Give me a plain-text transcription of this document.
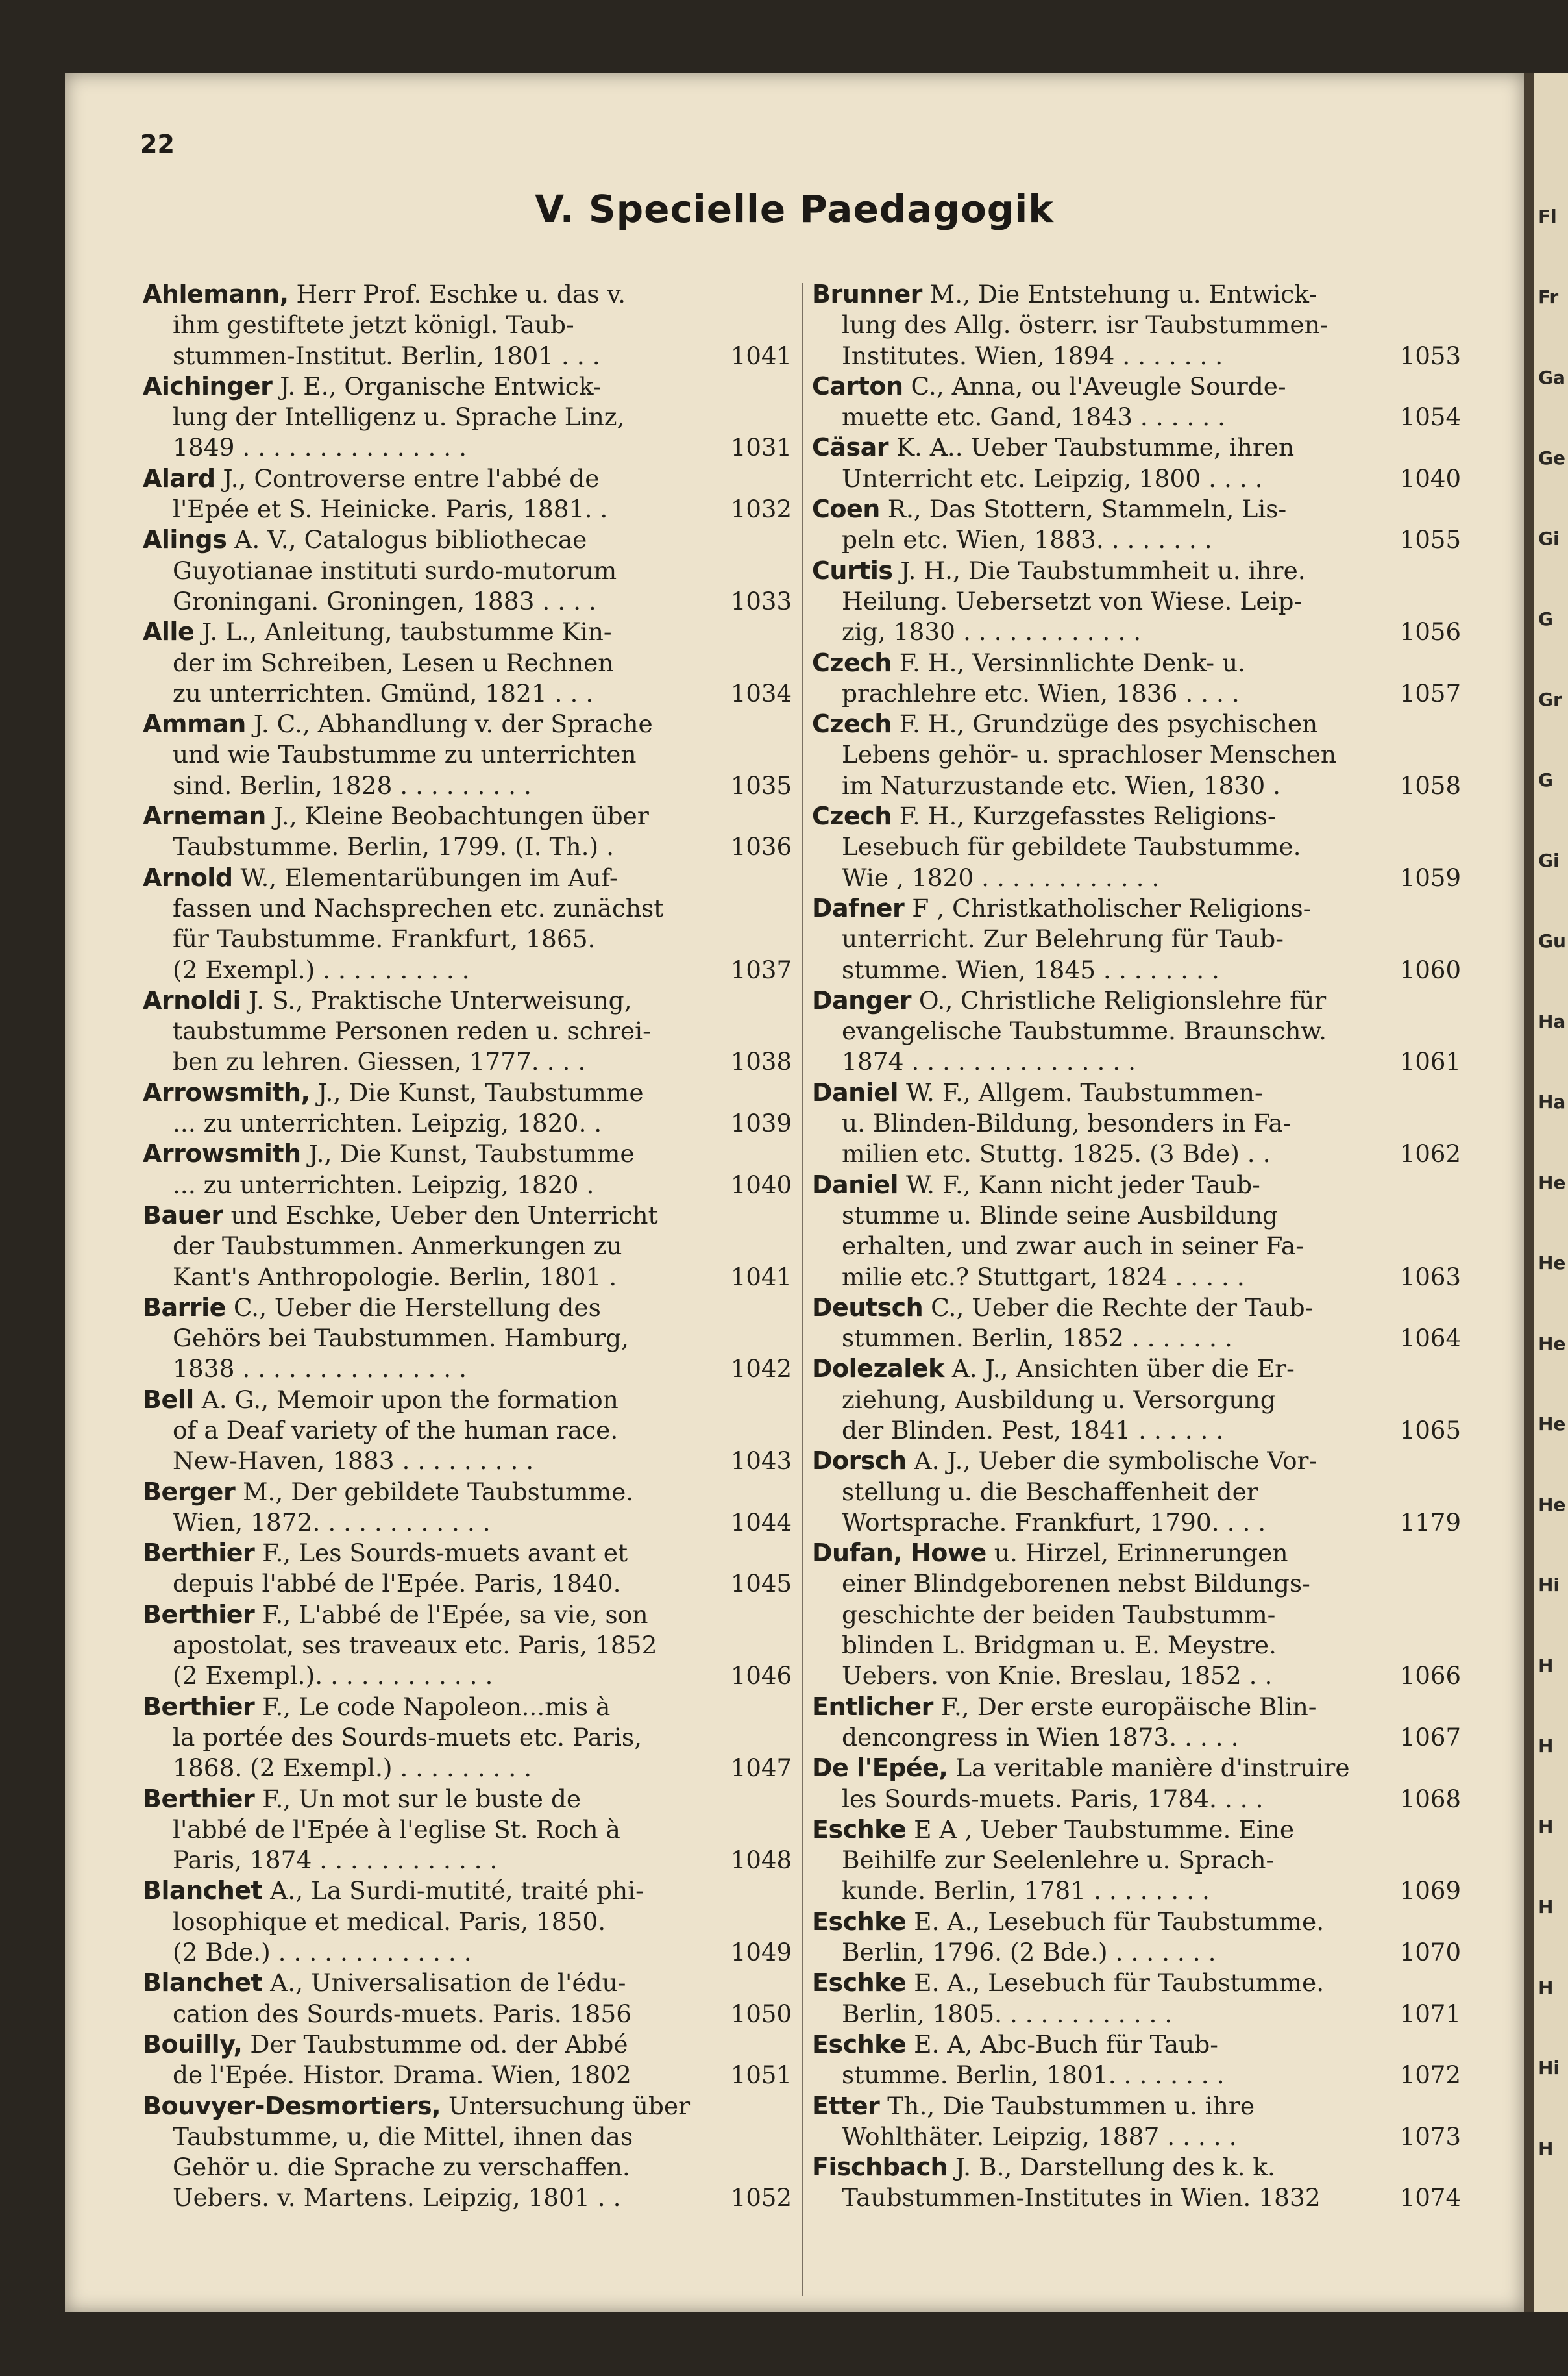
22
V. Specielle Paedagogik
Ahlemann, Herr Prof. Eschke u. das v.
ihm gestiftete jetzt königl. Taub-
stummen-Institut. Berlin, 1801 . . .	1041
Aichinger J. E., Organische Entwick-
lung der Intelligenz u. Sprache Linz,
1849 . . . . . . . . . . . . . . .	1031
Alard J., Controverse entre l'abbé de
l'Epée et S. Heinicke. Paris, 1881. .	1032
Alings A. V., Catalogus bibliothecae
Guyotianae instituti surdo-mutorum
Groningani. Groningen, 1883 . . . .	1033
Alle J. L., Anleitung, taubstumme Kin-
der im Schreiben, Lesen u Rechnen
zu unterrichten. Gmünd, 1821 . . .	1034
Amman J. C., Abhandlung v. der Sprache
und wie Taubstumme zu unterrichten
sind. Berlin, 1828 . . . . . . . . .	1035
Arneman J., Kleine Beobachtungen über
Taubstumme. Berlin, 1799. (I. Th.) .	1036
Arnold W., Elementarübungen im Auf-
fassen und Nachsprechen etc. zunächst
für Taubstumme. Frankfurt, 1865.
(2 Exempl.) . . . . . . . . . .	1037
Arnoldi J. S., Praktische Unterweisung,
taubstumme Personen reden u. schrei-
ben zu lehren. Giessen, 1777. . . .	1038
Arrowsmith, J., Die Kunst, Taubstumme
... zu unterrichten. Leipzig, 1820. .	1039
Arrowsmith J., Die Kunst, Taubstumme
... zu unterrichten. Leipzig, 1820 .	1040
Bauer und Eschke, Ueber den Unterricht
der Taubstummen. Anmerkungen zu
Kant's Anthropologie. Berlin, 1801 .	1041
Barrie C., Ueber die Herstellung des
Gehörs bei Taubstummen. Hamburg,
1838 . . . . . . . . . . . . . . .	1042
Bell A. G., Memoir upon the formation
of a Deaf variety of the human race.
New-Haven, 1883 . . . . . . . . .	1043
Berger M., Der gebildete Taubstumme.
Wien, 1872. . . . . . . . . . . .	1044
Berthier F., Les Sourds-muets avant et
depuis l'abbé de l'Epée. Paris, 1840.	1045
Berthier F., L'abbé de l'Epée, sa vie, son
apostolat, ses traveaux etc. Paris, 1852
(2 Exempl.). . . . . . . . . . . .	1046
Berthier F., Le code Napoleon...mis à
la portée des Sourds-muets etc. Paris,
1868. (2 Exempl.) . . . . . . . . .	1047
Berthier F., Un mot sur le buste de
l'abbé de l'Epée à l'eglise St. Roch à
Paris, 1874 . . . . . . . . . . . .	1048
Blanchet A., La Surdi-mutité, traité phi-
losophique et medical. Paris, 1850.
(2 Bde.) . . . . . . . . . . . . .	1049
Blanchet A., Universalisation de l'édu-
cation des Sourds-muets. Paris. 1856	1050
Bouilly, Der Taubstumme od. der Abbé
de l'Epée. Histor. Drama. Wien, 1802	1051
Bouvyer-Desmortiers, Untersuchung über
Taubstumme, u, die Mittel, ihnen das
Gehör u. die Sprache zu verschaffen.
Uebers. v. Martens. Leipzig, 1801 . .	1052
Brunner M., Die Entstehung u. Entwick-
lung des Allg. österr. isr Taubstummen-
Institutes. Wien, 1894 . . . . . . .	1053
Carton C., Anna, ou l'Aveugle Sourde-
muette etc. Gand, 1843 . . . . . .	1054
Cäsar K. A.. Ueber Taubstumme, ihren
Unterricht etc. Leipzig, 1800 . . . .	1040
Coen R., Das Stottern, Stammeln, Lis-
peln etc. Wien, 1883. . . . . . . .	1055
Curtis J. H., Die Taubstummheit u. ihre.
Heilung. Uebersetzt von Wiese. Leip-
zig, 1830 . . . . . . . . . . . .	1056
Czech F. H., Versinnlichte Denk- u.
prachlehre etc. Wien, 1836 . . . .	1057
Czech F. H., Grundzüge des psychischen
Lebens gehör- u. sprachloser Menschen
im Naturzustande etc. Wien, 1830 .	1058
Czech F. H., Kurzgefasstes Religions-
Lesebuch für gebildete Taubstumme.
Wie , 1820 . . . . . . . . . . . .	1059
Dafner F , Christkatholischer Religions-
unterricht. Zur Belehrung für Taub-
stumme. Wien, 1845 . . . . . . . .	1060
Danger O., Christliche Religionslehre für
evangelische Taubstumme. Braunschw.
1874 . . . . . . . . . . . . . . .	1061
Daniel W. F., Allgem. Taubstummen-
u. Blinden-Bildung, besonders in Fa-
milien etc. Stuttg. 1825. (3 Bde) . .	1062
Daniel W. F., Kann nicht jeder Taub-
stumme u. Blinde seine Ausbildung
erhalten, und zwar auch in seiner Fa-
milie etc.? Stuttgart, 1824 . . . . .	1063
Deutsch C., Ueber die Rechte der Taub-
stummen. Berlin, 1852 . . . . . . .	1064
Dolezalek A. J., Ansichten über die Er-
ziehung, Ausbildung u. Versorgung
der Blinden. Pest, 1841 . . . . . .	1065
Dorsch A. J., Ueber die symbolische Vor-
stellung u. die Beschaffenheit der
Wortsprache. Frankfurt, 1790. . . .	1179
Dufan, Howe u. Hirzel, Erinnerungen
einer Blindgeborenen nebst Bildungs-
geschichte der beiden Taubstumm-
blinden L. Bridgman u. E. Meystre.
Uebers. von Knie. Breslau, 1852 . .	1066
Entlicher F., Der erste europäische Blin-
dencongress in Wien 1873. . . . .	1067
De l'Epée, La veritable manière d'instruire
les Sourds-muets. Paris, 1784. . . .	1068
Eschke E A , Ueber Taubstumme. Eine
Beihilfe zur Seelenlehre u. Sprach-
kunde. Berlin, 1781 . . . . . . . .	1069
Eschke E. A., Lesebuch für Taubstumme.
Berlin, 1796. (2 Bde.) . . . . . . .	1070
Eschke E. A., Lesebuch für Taubstumme.
Berlin, 1805. . . . . . . . . . . .	1071
Eschke E. A, Abc-Buch für Taub-
stumme. Berlin, 1801. . . . . . . .	1072
Etter Th., Die Taubstummen u. ihre
Wohlthäter. Leipzig, 1887 . . . . .	1073
Fischbach J. B., Darstellung des k. k.
Taubstummen-Institutes in Wien. 1832	1074
Fl
Fr
Ga
Ge
Gi
G
Gr
G
Gi
Gu
Ha
Ha
He
He
He
He
He
Hi
H
H
H
H
H
Hi
H
